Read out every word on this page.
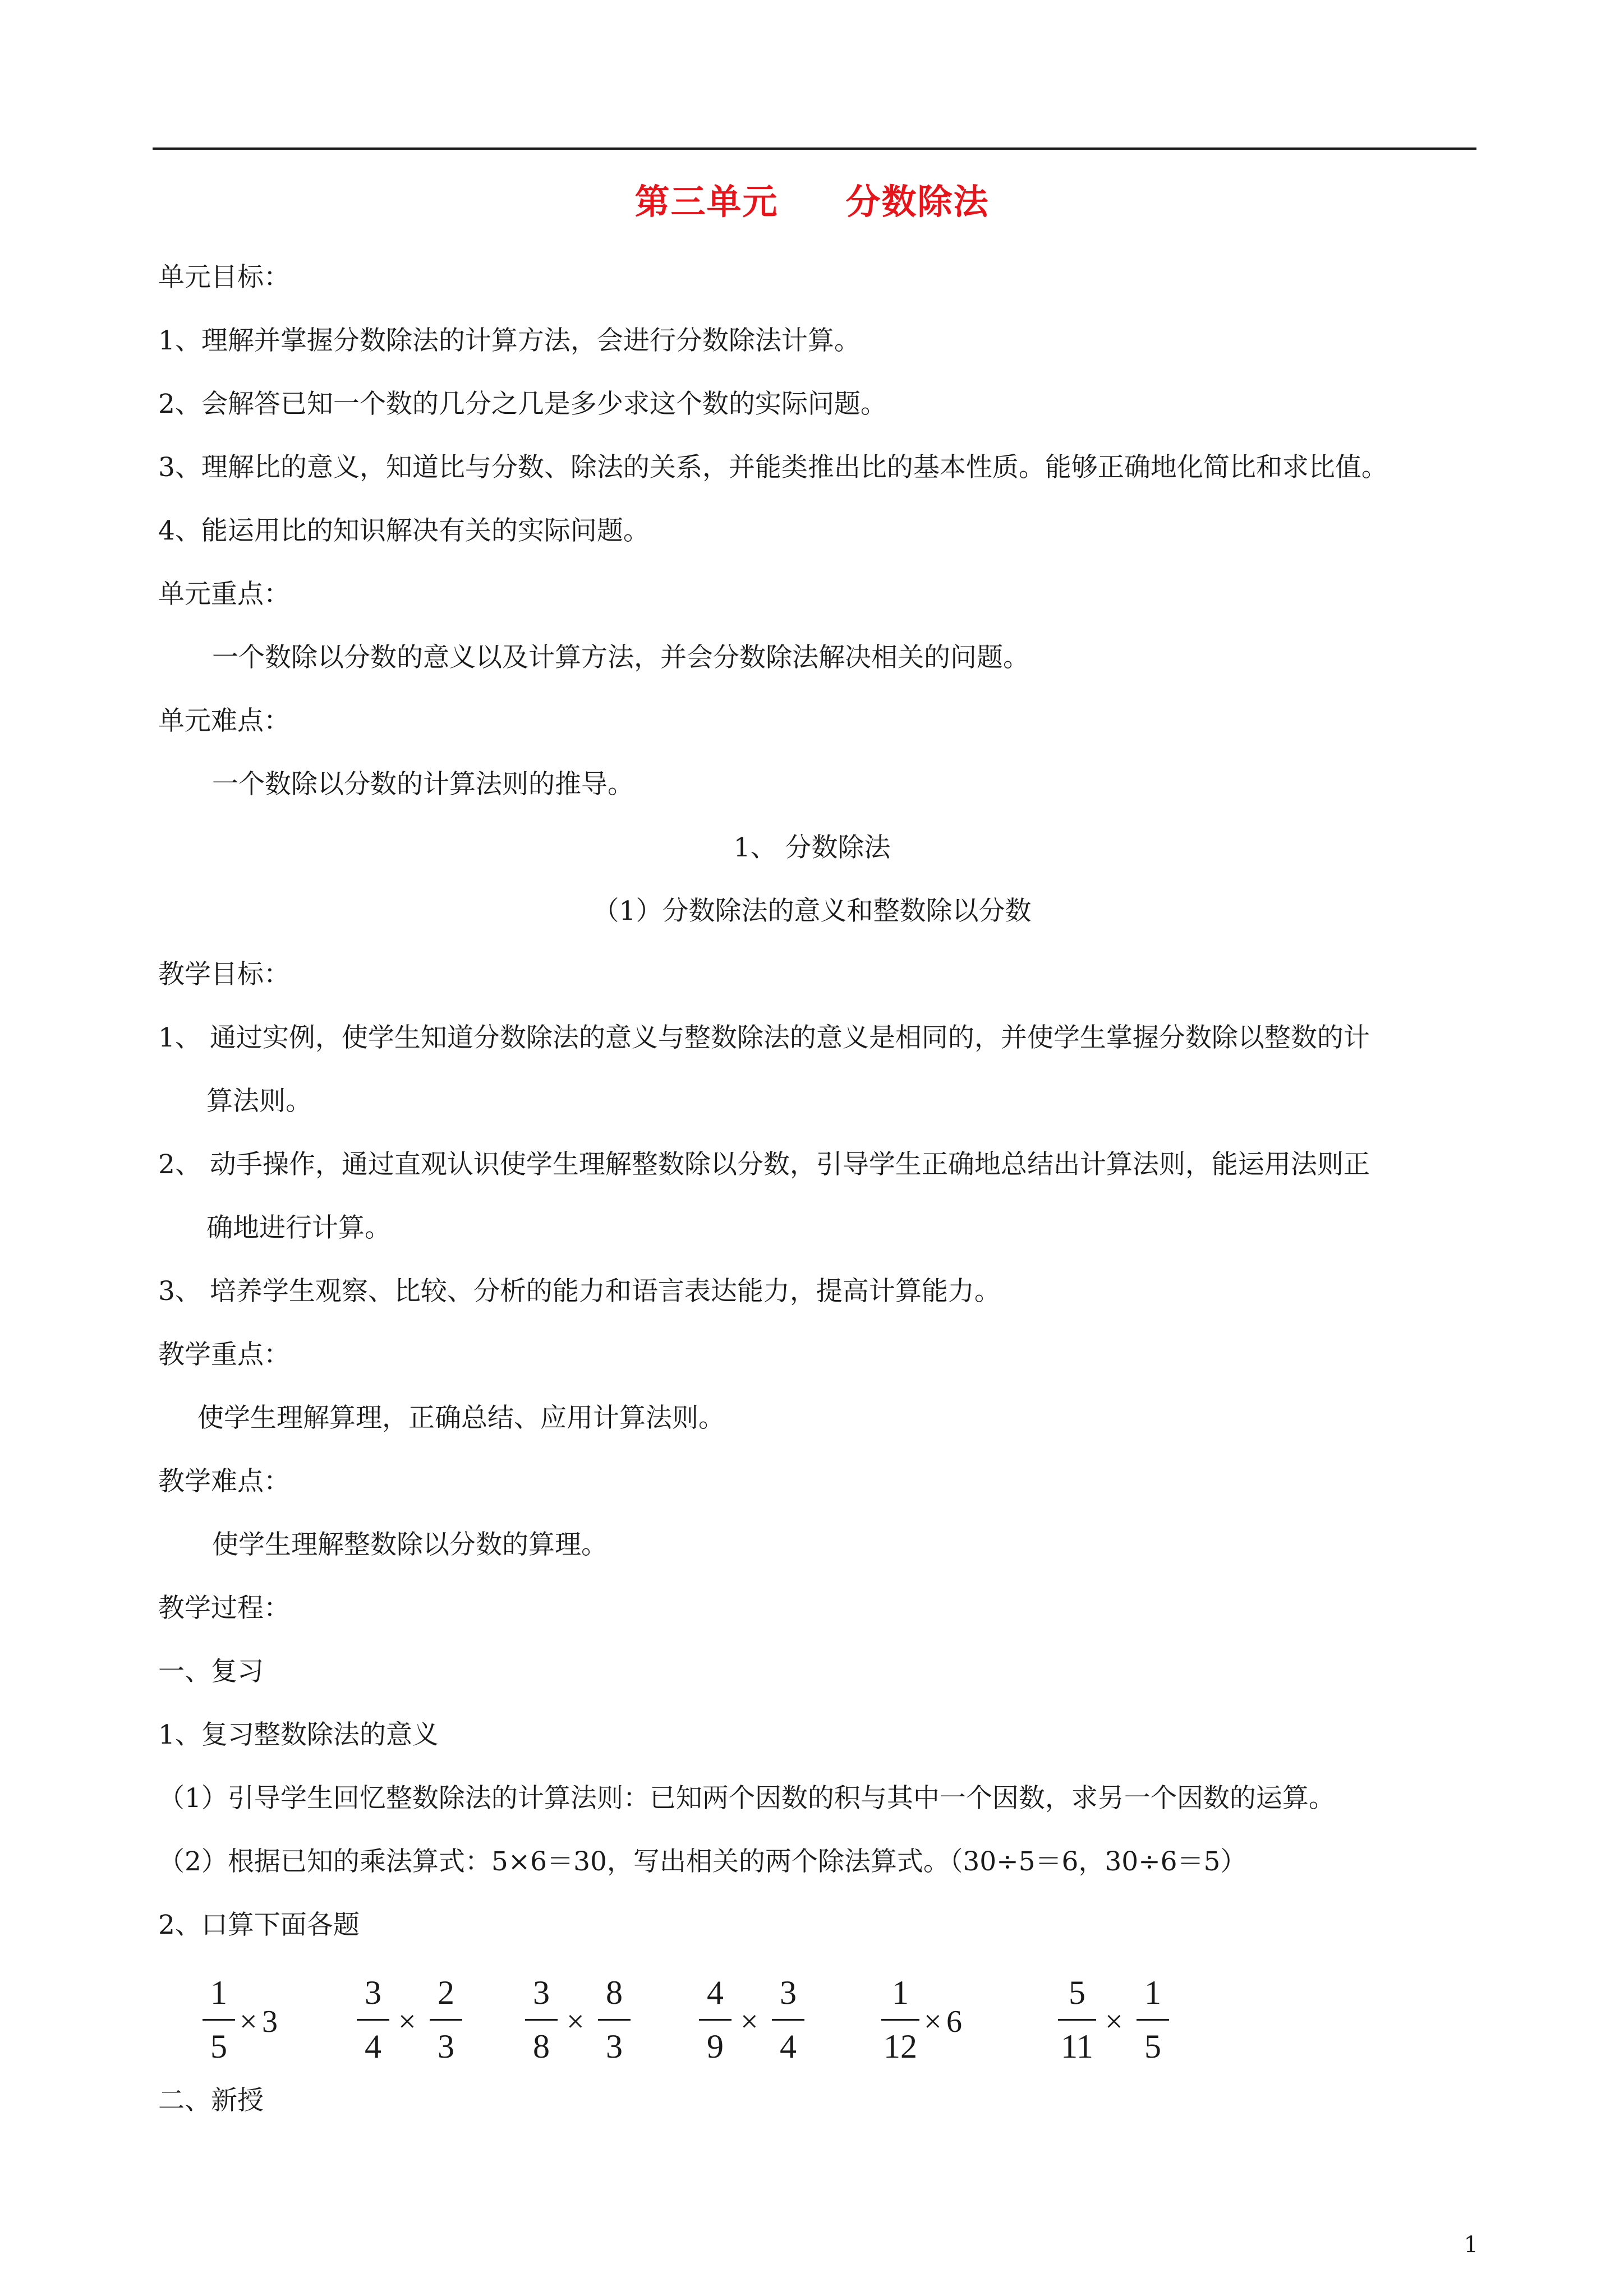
第三单元 分数除法
单元目标：
1、理解并掌握分数除法的计算方法，会进行分数除法计算。
2、会解答已知一个数的几分之几是多少求这个数的实际问题。
3、理解比的意义，知道比与分数、除法的关系，并能类推出比的基本性质。能够正确地化简比和求比值。
4、能运用比的知识解决有关的实际问题。
单元重点：
一个数除以分数的意义以及计算方法，并会分数除法解决相关的问题。
单元难点：
一个数除以分数的计算法则的推导。
1、 分数除法
（1）分数除法的意义和整数除以分数
教学目标：
1、 通过实例，使学生知道分数除法的意义与整数除法的意义是相同的，并使学生掌握分数除以整数的计
算法则。
2、 动手操作，通过直观认识使学生理解整数除以分数，引导学生正确地总结出计算法则，能运用法则正
确地进行计算。
3、 培养学生观察、比较、分析的能力和语言表达能力，提高计算能力。
教学重点：
使学生理解算理，正确总结、应用计算法则。
教学难点：
使学生理解整数除以分数的算理。
教学过程：
一、复习
1、复习整数除法的意义
（1）引导学生回忆整数除法的计算法则：已知两个因数的积与其中一个因数，求另一个因数的运算。
（2）根据已知的乘法算式：5×6＝30，写出相关的两个除法算式。（30÷5＝6，30÷6＝5）
2、口算下面各题
1
5
× 3
3
4
×
2
3
3
8
×
8
3
4
9
×
3
4
1
12
× 6
5
11
×
1
5
二、新授
1
